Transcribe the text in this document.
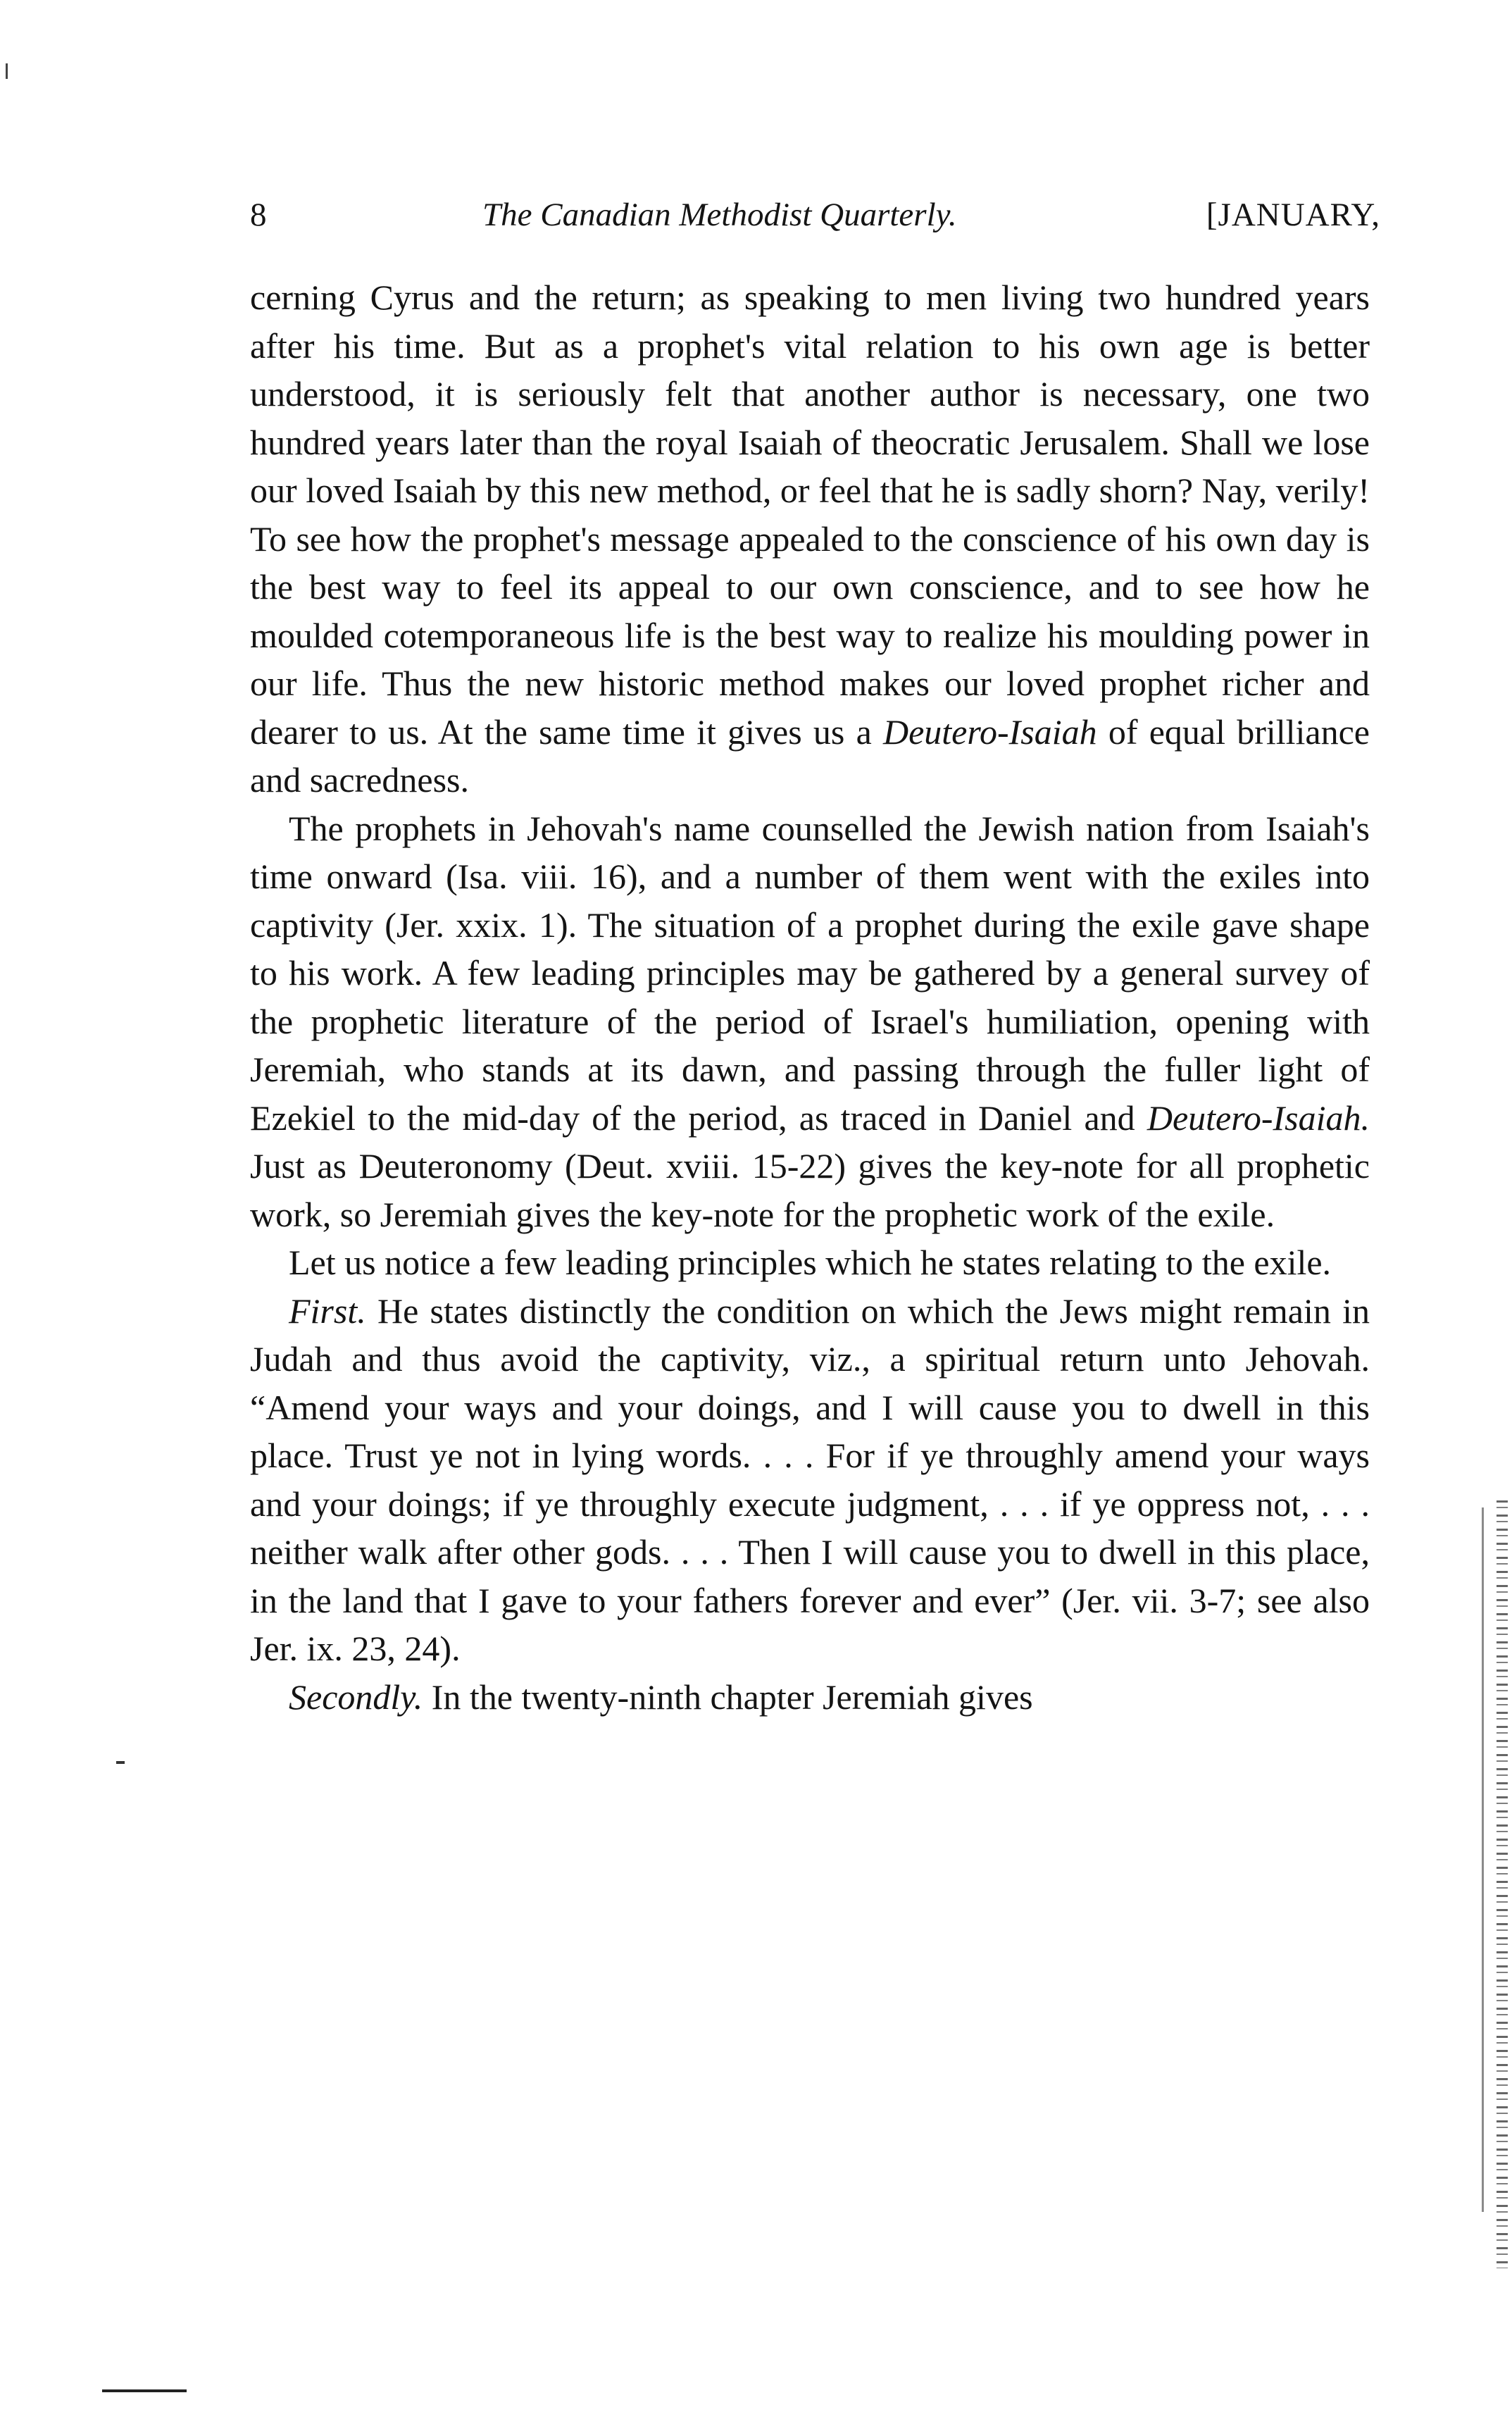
8	The Canadian Methodist Quarterly.	[JANUARY,

cerning Cyrus and the return; as speaking to men living two hundred years after his time. But as a prophet's vital relation to his own age is better understood, it is seriously felt that another author is necessary, one two hundred years later than the royal Isaiah of theocratic Jerusalem. Shall we lose our loved Isaiah by this new method, or feel that he is sadly shorn? Nay, verily! To see how the prophet's message appealed to the conscience of his own day is the best way to feel its appeal to our own conscience, and to see how he moulded cotemporaneous life is the best way to realize his moulding power in our life. Thus the new historic method makes our loved prophet richer and dearer to us. At the same time it gives us a Deutero-Isaiah of equal brilliance and sacredness.

The prophets in Jehovah's name counselled the Jewish nation from Isaiah's time onward (Isa. viii. 16), and a number of them went with the exiles into captivity (Jer. xxix. 1). The situation of a prophet during the exile gave shape to his work. A few leading principles may be gathered by a general survey of the prophetic literature of the period of Israel's humiliation, opening with Jeremiah, who stands at its dawn, and passing through the fuller light of Ezekiel to the mid-day of the period, as traced in Daniel and Deutero-Isaiah. Just as Deuteronomy (Deut. xviii. 15-22) gives the key-note for all prophetic work, so Jeremiah gives the key-note for the prophetic work of the exile.

Let us notice a few leading principles which he states relating to the exile.

First. He states distinctly the condition on which the Jews might remain in Judah and thus avoid the captivity, viz., a spiritual return unto Jehovah. “Amend your ways and your doings, and I will cause you to dwell in this place. Trust ye not in lying words. . . . For if ye throughly amend your ways and your doings; if ye throughly execute judgment, . . . if ye oppress not, . . . neither walk after other gods. . . . Then I will cause you to dwell in this place, in the land that I gave to your fathers forever and ever” (Jer. vii. 3-7; see also Jer. ix. 23, 24).

Secondly. In the twenty-ninth chapter Jeremiah gives
